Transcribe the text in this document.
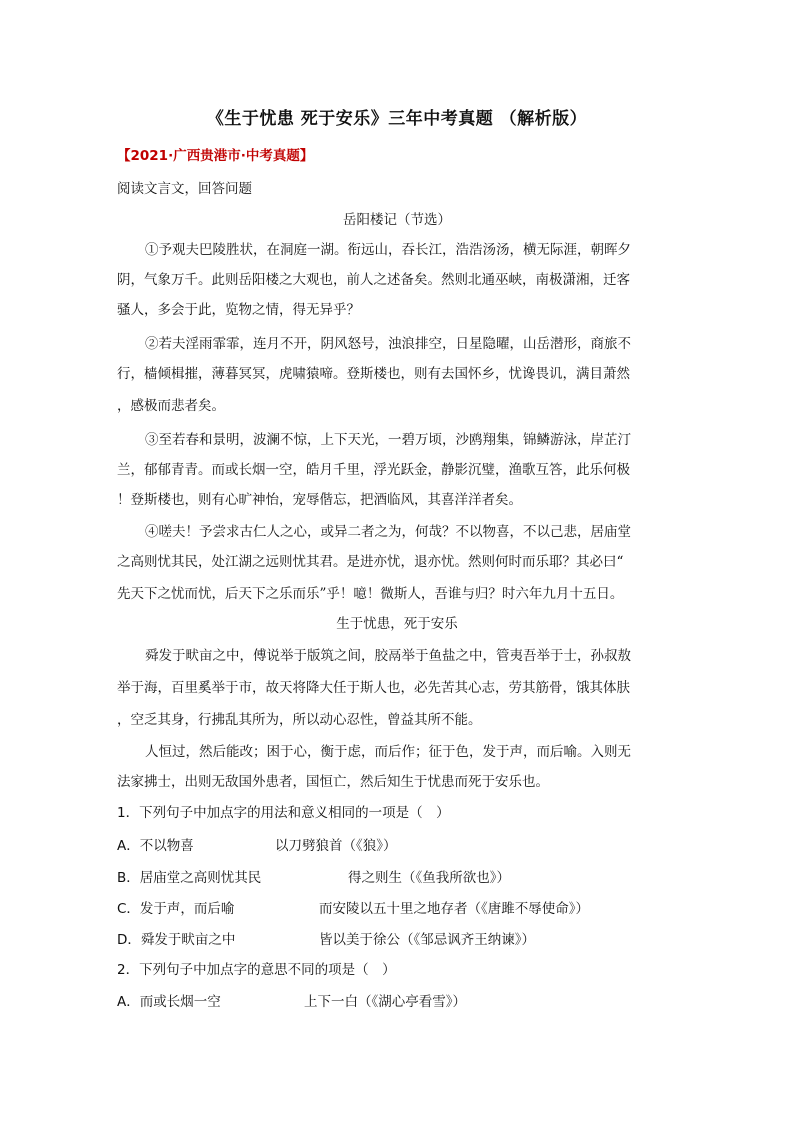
《生于忧患 死于安乐》三年中考真题 （解析版）
【2021·广西贵港市·中考真题】
阅读文言文，回答问题
岳阳楼记（节选）
①予观夫巴陵胜状，在洞庭一湖。衔远山，吞长江，浩浩汤汤，横无际涯，朝晖夕
阴，气象万千。此则岳阳楼之大观也，前人之述备矣。然则北通巫峡，南极潇湘，迁客
骚人，多会于此，览物之情，得无异乎？
②若夫淫雨霏霏，连月不开，阴风怒号，浊浪排空，日星隐曜，山岳潜形，商旅不
行，樯倾楫摧，薄暮冥冥，虎啸猿啼。登斯楼也，则有去国怀乡，忧谗畏讥，满目萧然
，感极而悲者矣。
③至若春和景明，波澜不惊，上下天光，一碧万顷，沙鸥翔集，锦鳞游泳，岸芷汀
兰，郁郁青青。而或长烟一空，皓月千里，浮光跃金，静影沉璧，渔歌互答，此乐何极
！登斯楼也，则有心旷神怡，宠辱偕忘，把酒临风，其喜洋洋者矣。
④嗟夫！予尝求古仁人之心，或异二者之为，何哉？不以物喜，不以己悲，居庙堂
之高则忧其民，处江湖之远则忧其君。是进亦忧，退亦忧。然则何时而乐耶？其必曰“
先天下之忧而忧，后天下之乐而乐”乎！噫！微斯人，吾谁与归？时六年九月十五日。
生于忧患，死于安乐
舜发于畎亩之中，傅说举于版筑之间，胶鬲举于鱼盐之中，管夷吾举于士，孙叔敖
举于海，百里奚举于市，故天将降大任于斯人也，必先苦其心志，劳其筋骨，饿其体肤
，空乏其身，行拂乱其所为，所以动心忍性，曾益其所不能。
人恒过，然后能改；困于心，衡于虑，而后作；征于色，发于声，而后喻。入则无
法家拂士，出则无敌国外患者，国恒亡，然后知生于忧患而死于安乐也。
1．下列句子中加点字的用法和意义相同的一项是（　）
A．不以物喜	以刀劈狼首（《狼》）
B．居庙堂之高则忧其民	得之则生（《鱼我所欲也》）
C．发于声，而后喻	而安陵以五十里之地存者（《唐雎不辱使命》）
D．舜发于畎亩之中	皆以美于徐公（《邹忌讽齐王纳谏》）
2．下列句子中加点字的意思不同的项是（　）
A．而或长烟一空	上下一白（《湖心亭看雪》）
